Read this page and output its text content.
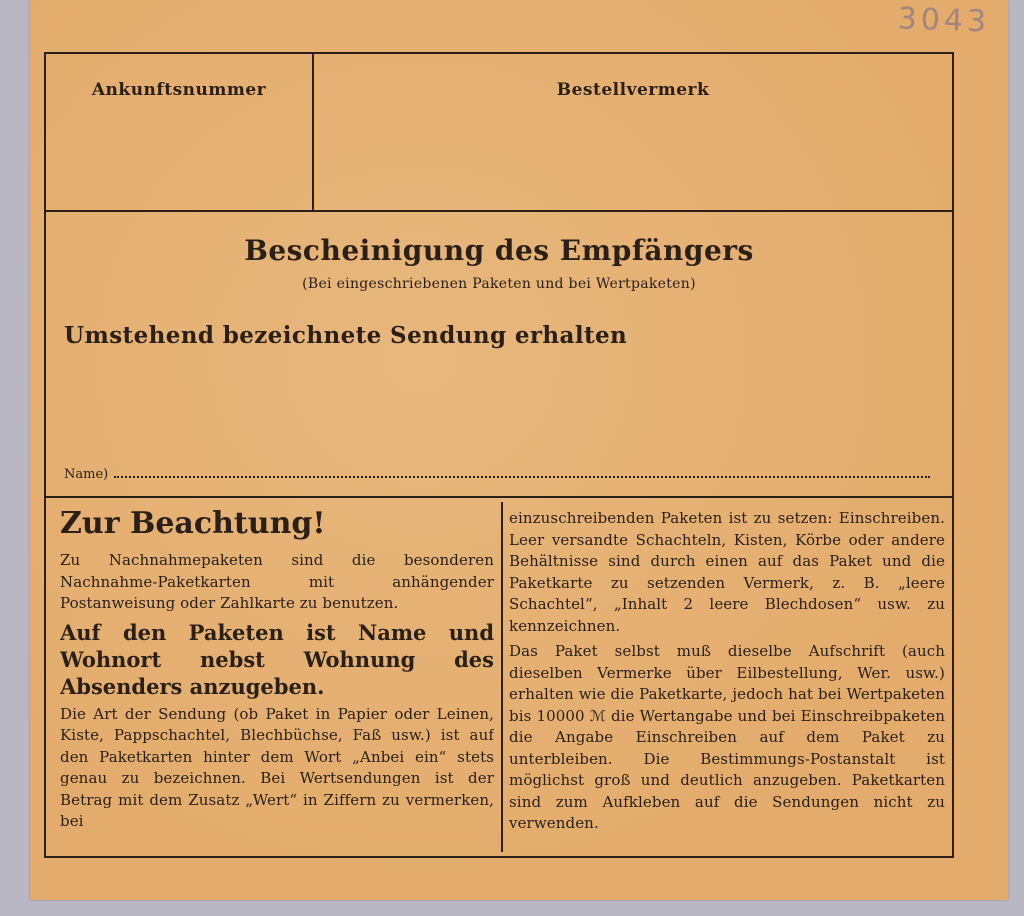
3043
Ankunftsnummer	Bestellvermerk
Bescheinigung des Empfängers
(Bei eingeschriebenen Paketen und bei Wertpaketen)
Umstehend bezeichnete Sendung erhalten
Name)
Zur Beachtung!

Zu Nachnahmepaketen sind die besonderen Nachnahme-Paketkarten mit anhängender Postanweisung oder Zahlkarte zu benutzen.

Auf den Paketen ist Name und Wohnort nebst Wohnung des Absenders anzugeben.

Die Art der Sendung (ob Paket in Papier oder Leinen, Kiste, Pappschachtel, Blechbüchse, Faß usw.) ist auf den Paketkarten hinter dem Wort „Anbei ein“ stets genau zu bezeichnen. Bei Wertsendungen ist der Betrag mit dem Zusatz „Wert“ in Ziffern zu vermerken, bei

einzuschreibenden Paketen ist zu setzen: Einschreiben. Leer versandte Schachteln, Kisten, Körbe oder andere Behältnisse sind durch einen auf das Paket und die Paketkarte zu setzenden Vermerk, z. B. „leere Schachtel“, „Inhalt 2 leere Blechdosen“ usw. zu kennzeichnen.

Das Paket selbst muß dieselbe Aufschrift (auch dieselben Vermerke über Eilbestellung, Wer. usw.) erhalten wie die Paketkarte, jedoch hat bei Wertpaketen bis 10000 ℳ die Wertangabe und bei Einschreibpaketen die Angabe Einschreiben auf dem Paket zu unterbleiben. Die Bestimmungs-Postanstalt ist möglichst groß und deutlich anzugeben. Paketkarten sind zum Aufkleben auf die Sendungen nicht zu verwenden.
